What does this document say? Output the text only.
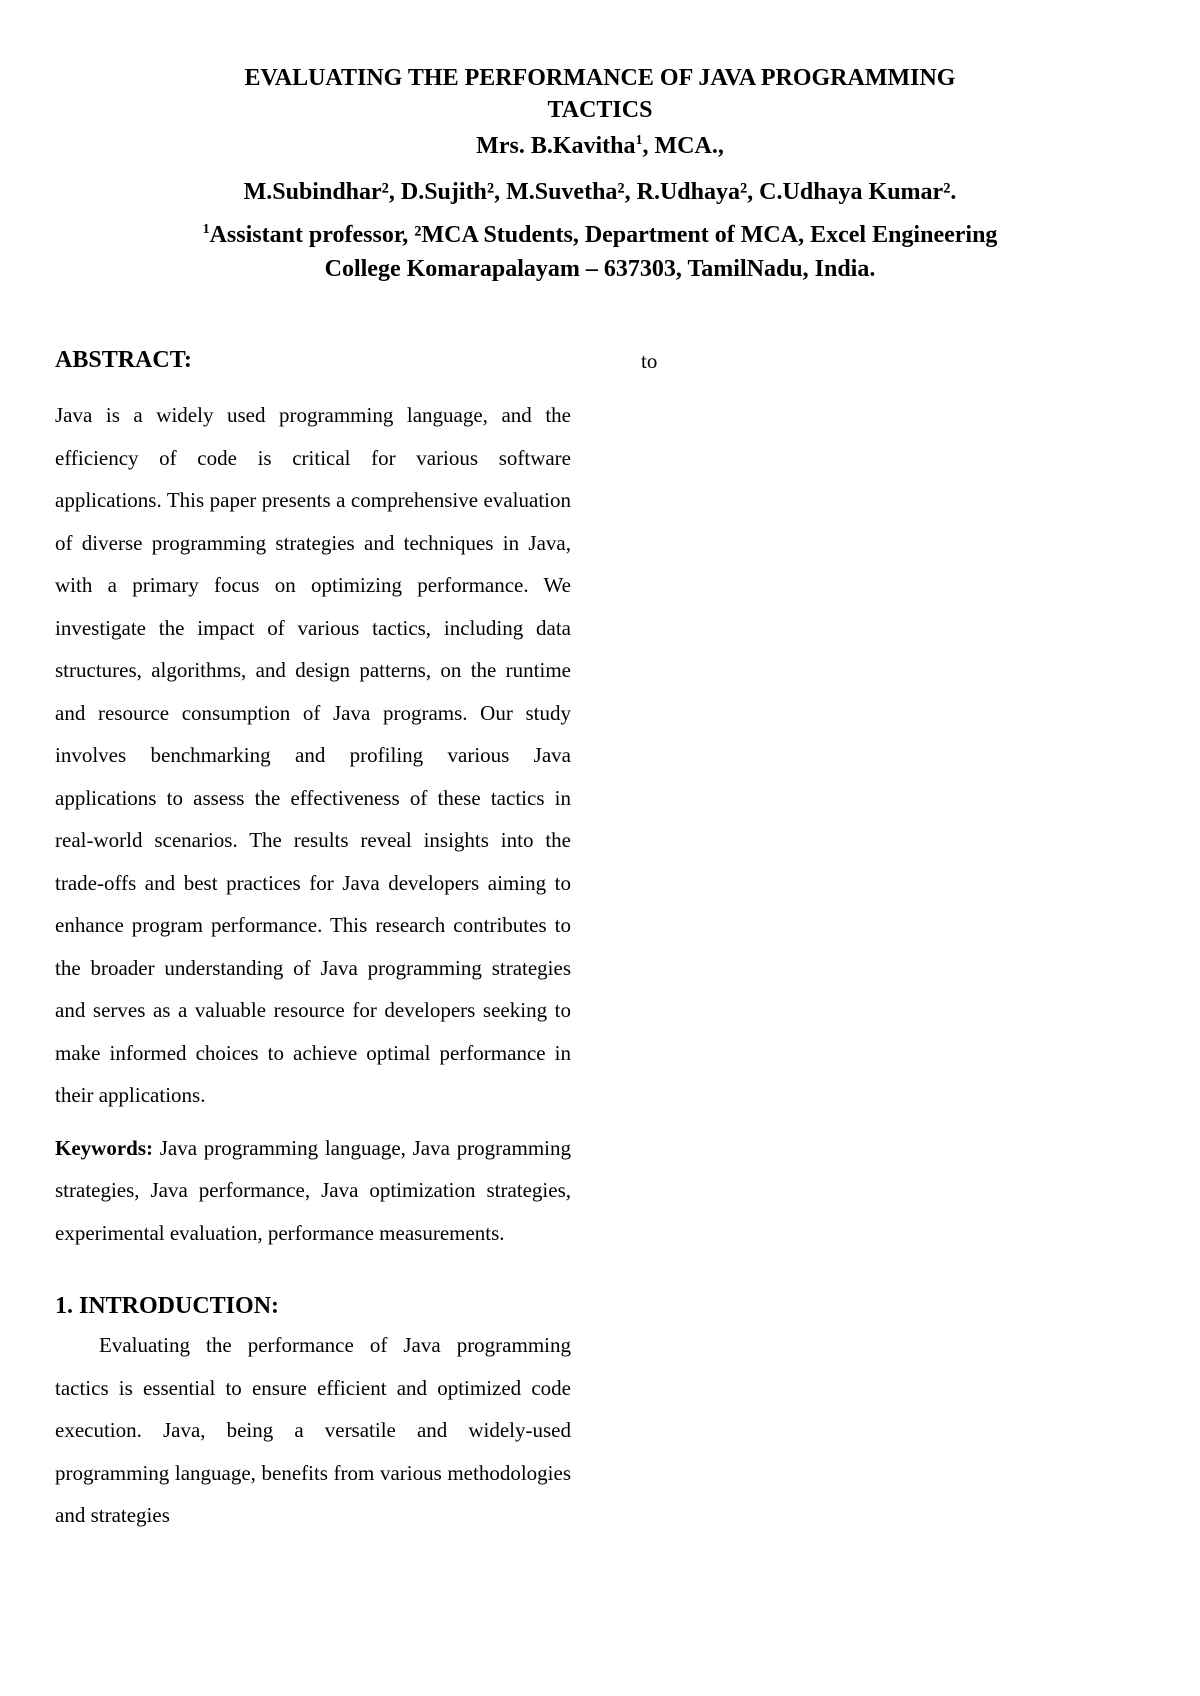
EVALUATING THE PERFORMANCE OF JAVA PROGRAMMING
TACTICS

Mrs. B.Kavitha$^1$, MCA.,

M.Subindhar², D.Sujith², M.Suvetha², R.Udhaya², C.Udhaya Kumar².

$^1$Assistant professor, ²MCA Students, Department of MCA, Excel Engineering
College Komarapalayam – 637303, TamilNadu, India.

ABSTRACT:

Java is a widely used programming language, and the efficiency of code is critical for various software applications. This paper presents a comprehensive evaluation of diverse programming strategies and techniques in Java, with a primary focus on optimizing performance. We investigate the impact of various tactics, including data structures, algorithms, and design patterns, on the runtime and resource consumption of Java programs. Our study involves benchmarking and profiling various Java applications to assess the effectiveness of these tactics in real-world scenarios. The results reveal insights into the trade-offs and best practices for Java developers aiming to enhance program performance. This research contributes to the broader understanding of Java programming strategies and serves as a valuable resource for developers seeking to make informed choices to achieve optimal performance in their applications.

Keywords: Java programming language, Java programming strategies, Java performance, Java optimization strategies, experimental evaluation, performance measurements.

1. INTRODUCTION:

Evaluating the performance of Java programming tactics is essential to ensure efficient and optimized code execution. Java, being a versatile and widely-used programming language, benefits from various methodologies and strategies

to
